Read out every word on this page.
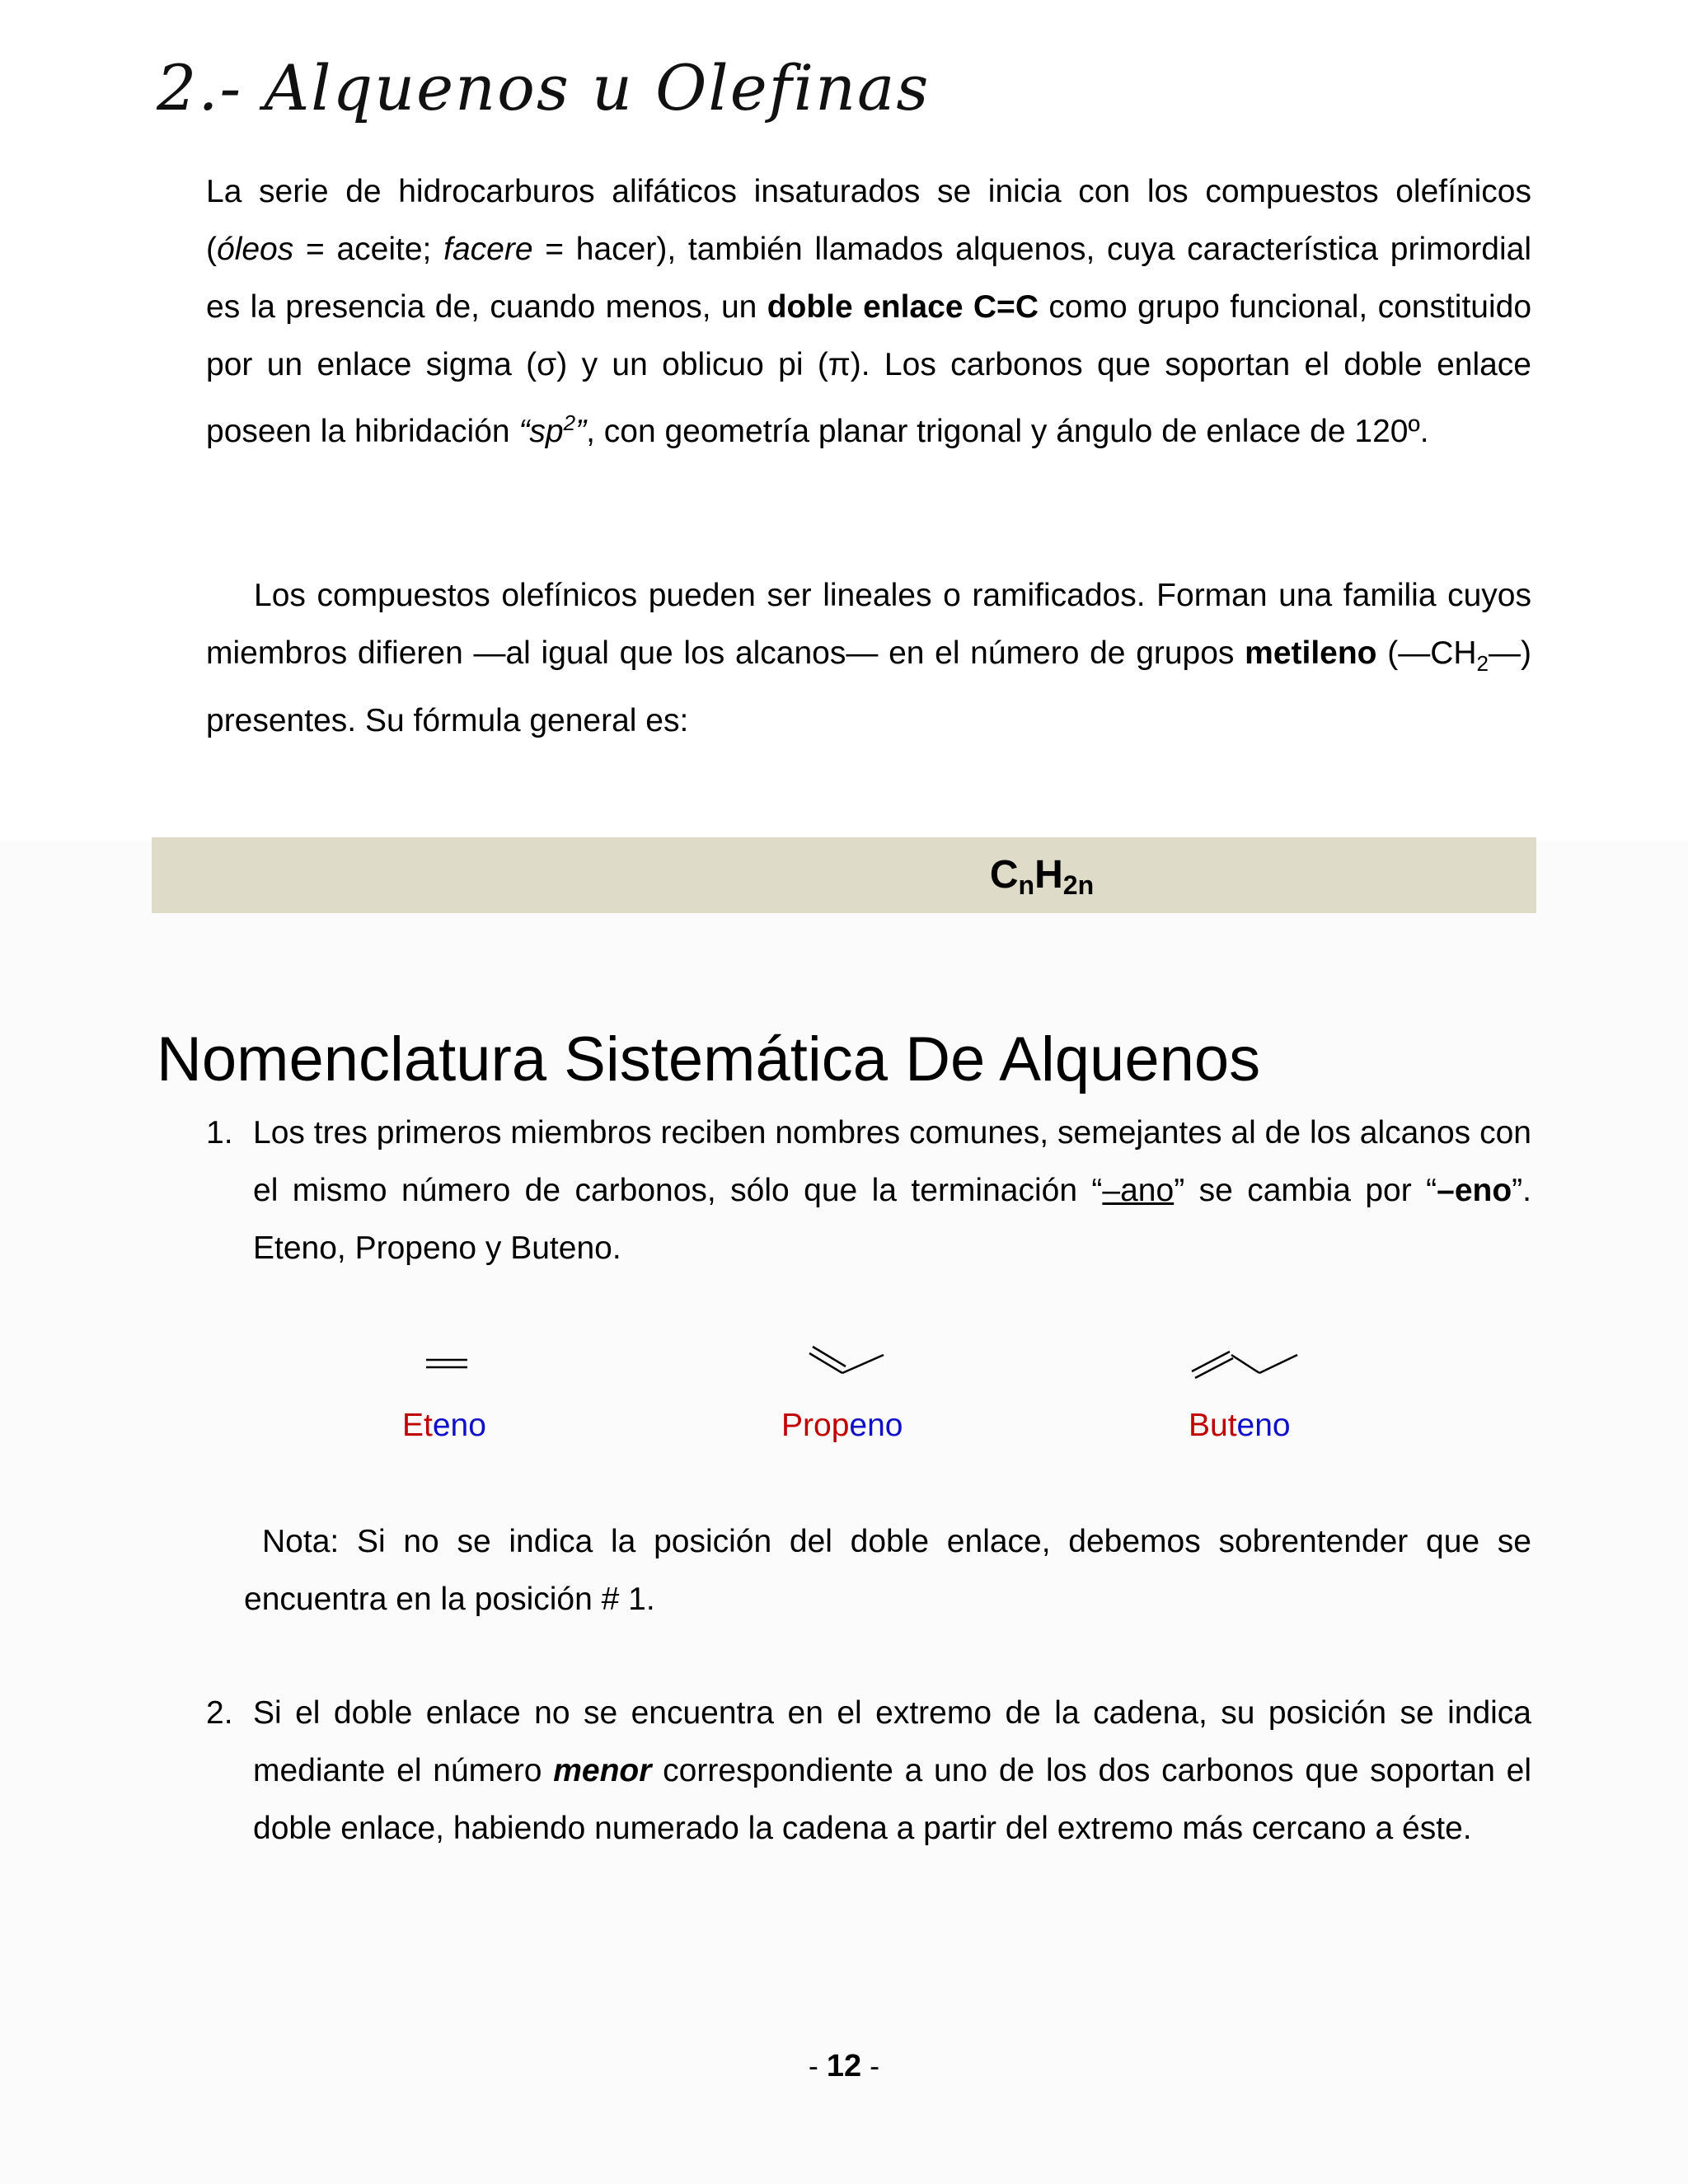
2.- Alquenos u Olefinas

La serie de hidrocarburos alifáticos insaturados se inicia con los compuestos olefínicos (óleos = aceite; facere = hacer), también llamados alquenos, cuya característica primordial es la presencia de, cuando menos, un doble enlace C=C como grupo funcional, constituido por un enlace sigma (σ) y un oblicuo pi (π). Los carbonos que soportan el doble enlace poseen la hibridación “$sp^2$”, con geometría planar trigonal y ángulo de enlace de 120º.

Los compuestos olefínicos pueden ser lineales o ramificados. Forman una familia cuyos miembros difieren —al igual que los alcanos— en el número de grupos metileno $(—CH_2—)$ presentes. Su fórmula general es:

$C_nH_{2n}$
Nomenclatura Sistemática De Alquenos
1. Los tres primeros miembros reciben nombres comunes, semejantes al de los alcanos con el mismo número de carbonos, sólo que la terminación “–ano” se cambia por “–eno”. Eteno, Propeno y Buteno.
Eteno	Propeno	Buteno
Nota: Si no se indica la posición del doble enlace, debemos sobrentender que se encuentra en la posición # 1.
2. Si el doble enlace no se encuentra en el extremo de la cadena, su posición se indica mediante el número menor correspondiente a uno de los dos carbonos que soportan el doble enlace, habiendo numerado la cadena a partir del extremo más cercano a éste.
- 12 -
